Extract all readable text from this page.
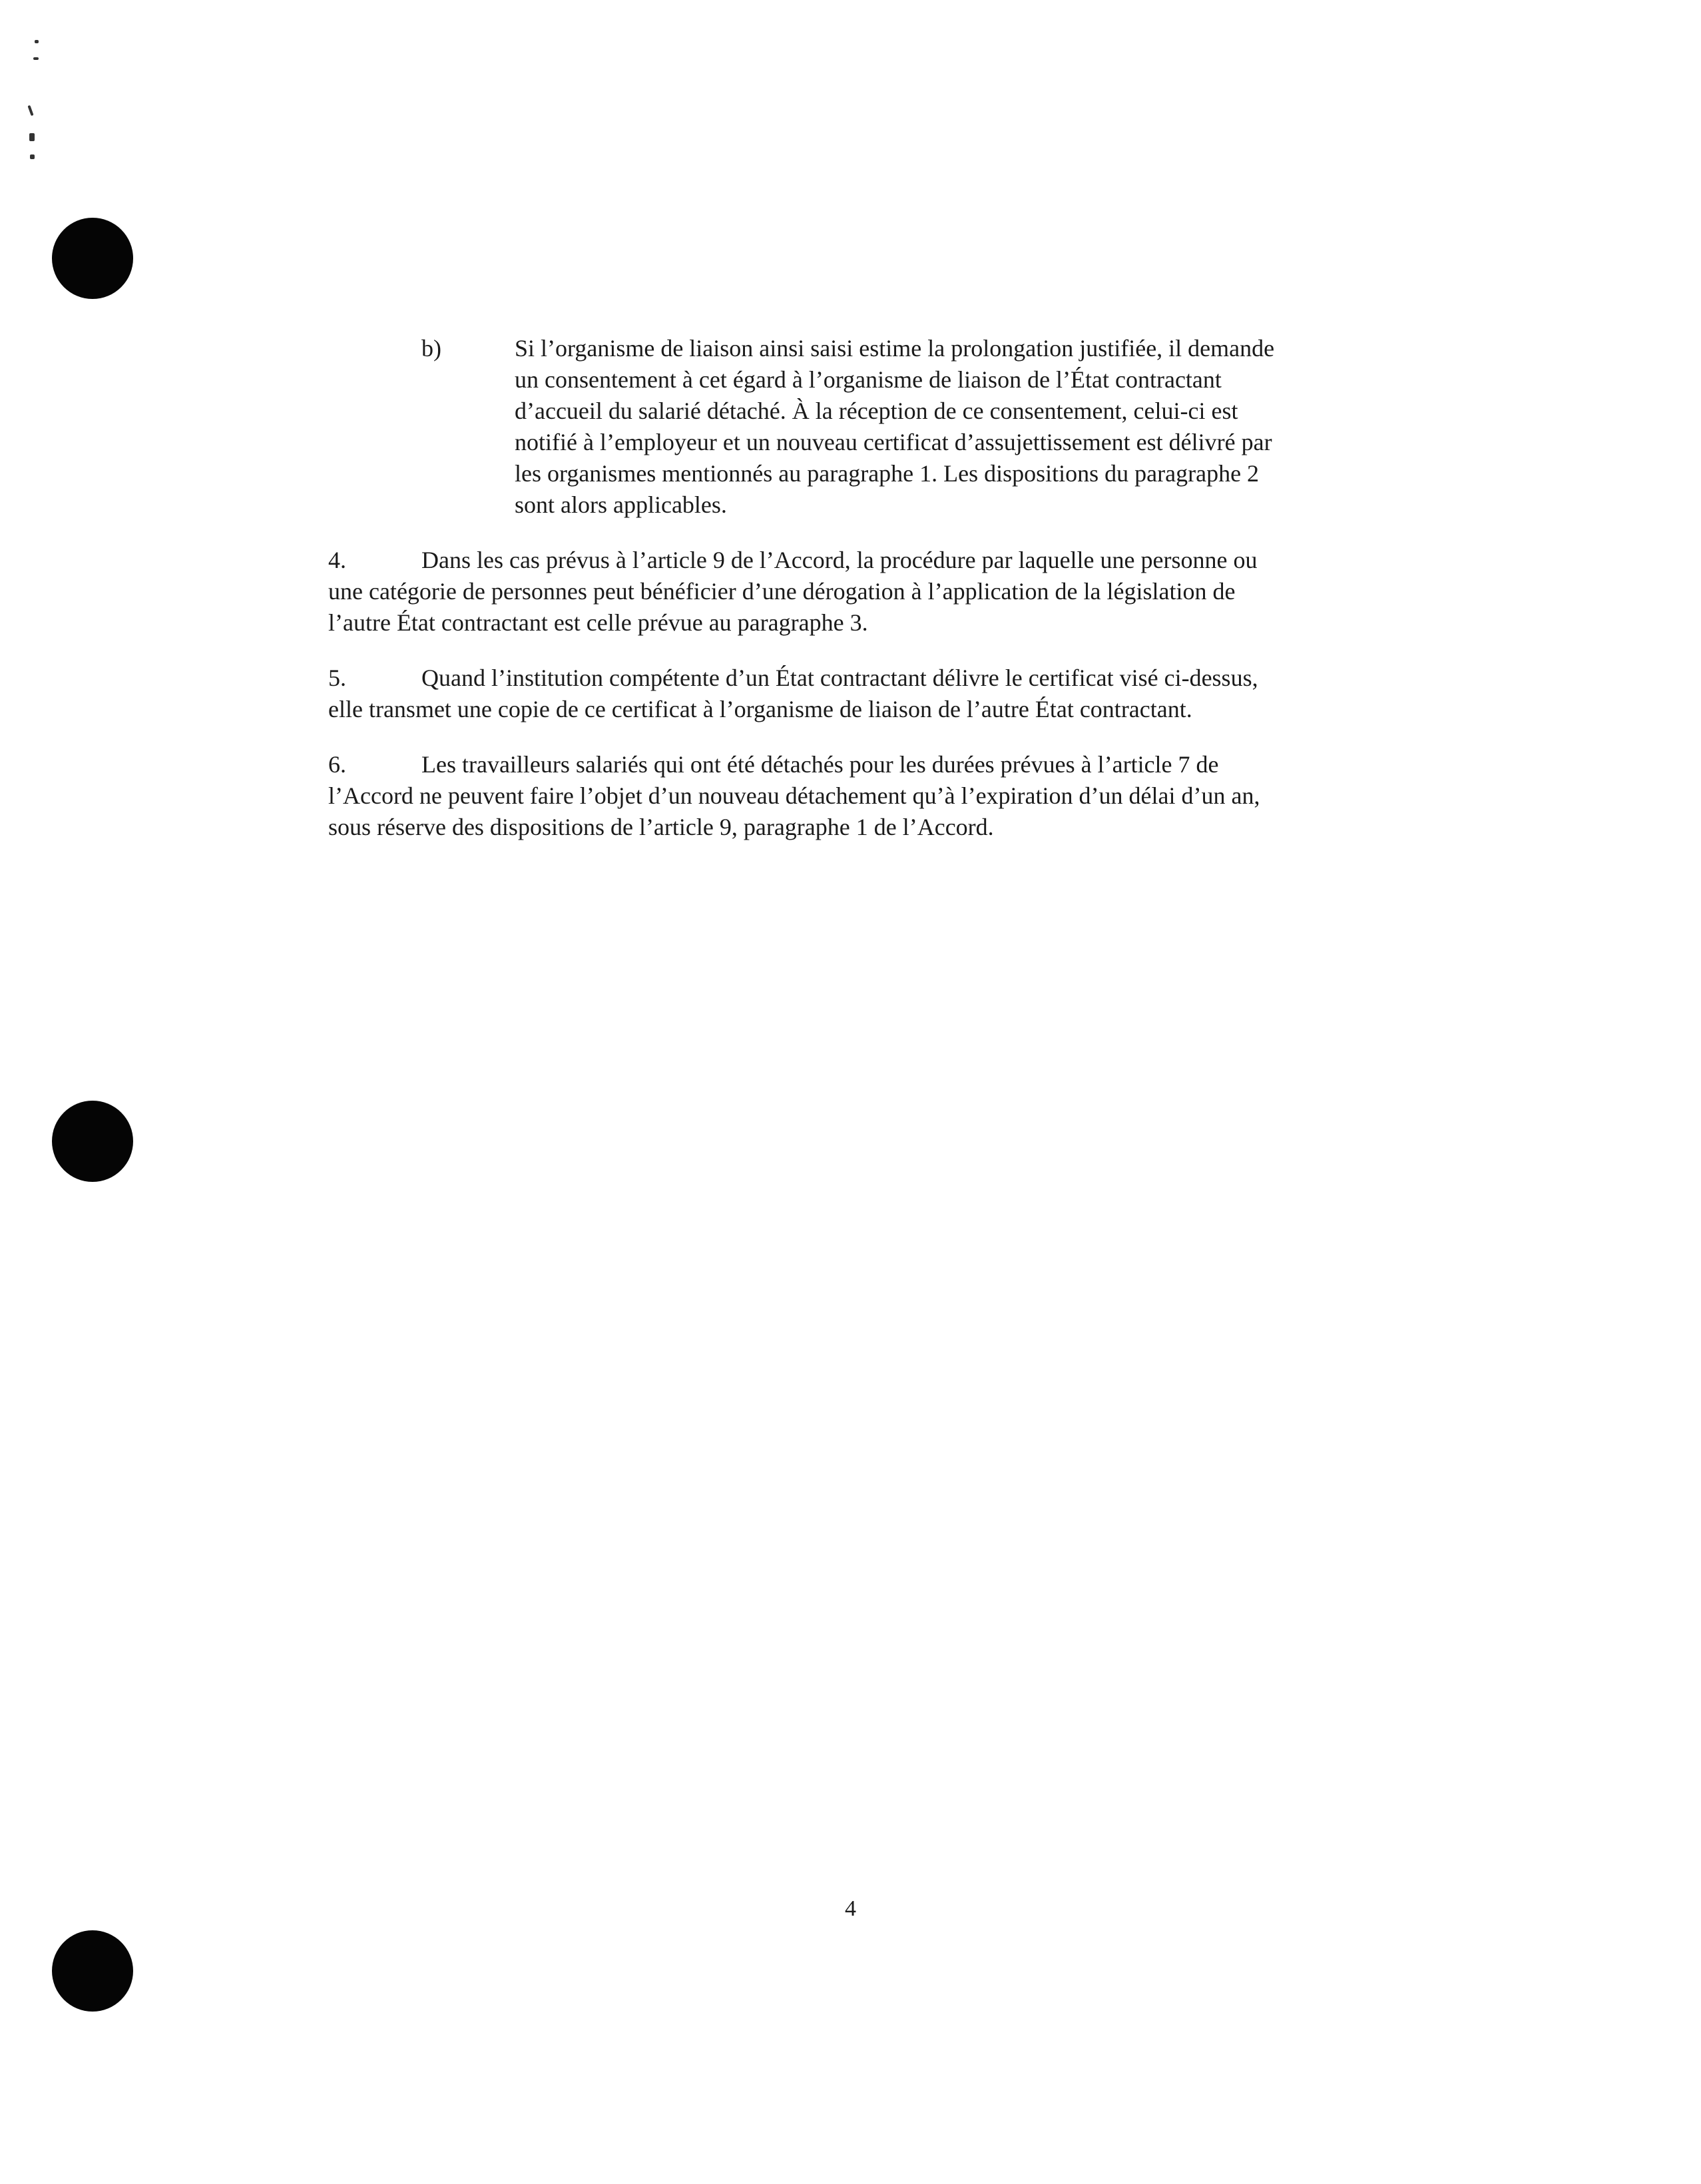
b)	Si l’organisme de liaison ainsi saisi estime la prolongation justifiée, il demande
un consentement à cet égard à l’organisme de liaison de l’État contractant
d’accueil du salarié détaché. À la réception de ce consentement, celui-ci est
notifié à l’employeur et un nouveau certificat d’assujettissement est délivré par
les organismes mentionnés au paragraphe 1. Les dispositions du paragraphe 2
sont alors applicables.
4.	Dans les cas prévus à l’article 9 de l’Accord, la procédure par laquelle une personne ou
une catégorie de personnes peut bénéficier d’une dérogation à l’application de la législation de
l’autre État contractant est celle prévue au paragraphe 3.
5.	Quand l’institution compétente d’un État contractant délivre le certificat visé ci-dessus,
elle transmet une copie de ce certificat à l’organisme de liaison de l’autre État contractant.
6.	Les travailleurs salariés qui ont été détachés pour les durées prévues à l’article 7 de
l’Accord ne peuvent faire l’objet d’un nouveau détachement qu’à l’expiration d’un délai d’un an,
sous réserve des dispositions de l’article 9, paragraphe 1 de l’Accord.
4
